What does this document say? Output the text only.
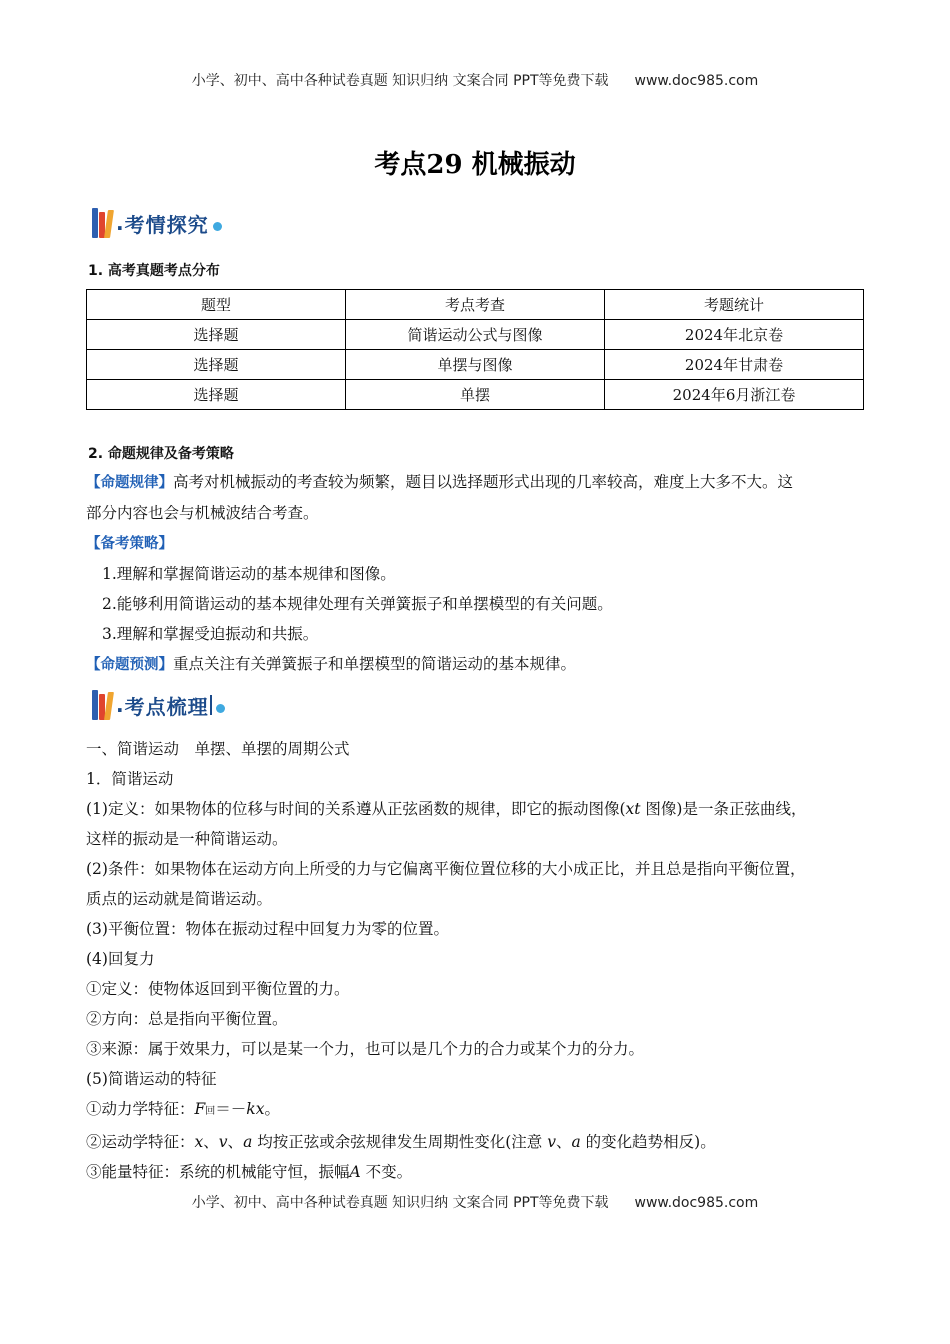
小学、初中、高中各种试卷真题 知识归纳 文案合同 PPT等免费下载 www.doc985.com
考点29 机械振动
. 考情探究
1. 高考真题考点分布
题型	考点考查	考题统计
选择题	简谐运动公式与图像	2024年北京卷
选择题	单摆与图像	2024年甘肃卷
选择题	单摆	2024年6月浙江卷
2. 命题规律及备考策略
【命题规律】高考对机械振动的考查较为频繁，题目以选择题形式出现的几率较高，难度上大多不大。这
部分内容也会与机械波结合考查。
【备考策略】
1.理解和掌握简谐运动的基本规律和图像。
2.能够利用简谐运动的基本规律处理有关弹簧振子和单摆模型的有关问题。
3.理解和掌握受迫振动和共振。
【命题预测】重点关注有关弹簧振子和单摆模型的简谐运动的基本规律。
. 考点梳理
一、简谐运动　单摆、单摆的周期公式
1．简谐运动
(1)定义：如果物体的位移与时间的关系遵从正弦函数的规律，即它的振动图像(xt 图像)是一条正弦曲线，
这样的振动是一种简谐运动。
(2)条件：如果物体在运动方向上所受的力与它偏离平衡位置位移的大小成正比，并且总是指向平衡位置，
质点的运动就是简谐运动。
(3)平衡位置：物体在振动过程中回复力为零的位置。
(4)回复力
①定义：使物体返回到平衡位置的力。
②方向：总是指向平衡位置。
③来源：属于效果力，可以是某一个力，也可以是几个力的合力或某个力的分力。
(5)简谐运动的特征
①动力学特征：F回＝－kx。
②运动学特征：x、v、a 均按正弦或余弦规律发生周期性变化(注意 v、a 的变化趋势相反)。
③能量特征：系统的机械能守恒，振幅A 不变。
小学、初中、高中各种试卷真题 知识归纳 文案合同 PPT等免费下载 www.doc985.com
